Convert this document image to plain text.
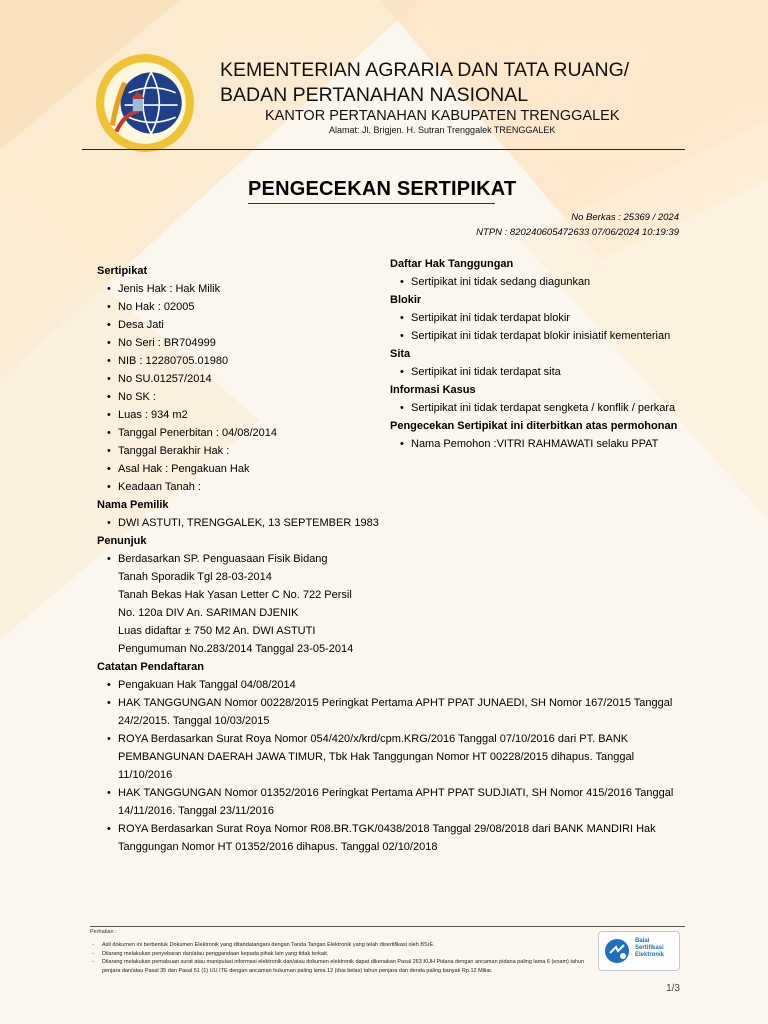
KEMENTERIAN AGRARIA DAN TATA RUANG/
BADAN PERTANAHAN NASIONAL
KANTOR PERTANAHAN KABUPATEN TRENGGALEK
Alamat: Jl. Brigjen. H. Sutran Trenggalek TRENGGALEK
PENGECEKAN SERTIPIKAT
No Berkas : 25369 / 2024
NTPN : 820240605472633 07/06/2024 10:19:39
Sertipikat
• Jenis Hak : Hak Milik
• No Hak : 02005
• Desa Jati
• No Seri : BR704999
• NIB : 12280705.01980
• No SU.01257/2014
• No SK :
• Luas : 934 m2
• Tanggal Penerbitan : 04/08/2014
• Tanggal Berakhir Hak :
• Asal Hak : Pengakuan Hak
• Keadaan Tanah :
Nama Pemilik
• DWI ASTUTI, TRENGGALEK, 13 SEPTEMBER 1983
Penunjuk
• Berdasarkan SP. Penguasaan Fisik Bidang
Tanah Sporadik Tgl 28-03-2014
Tanah Bekas Hak Yasan Letter C No. 722 Persil
No. 120a DIV An. SARIMAN DJENIK
Luas didaftar ± 750 M2 An. DWI ASTUTI
Pengumuman No.283/2014 Tanggal 23-05-2014
Daftar Hak Tanggungan
• Sertipikat ini tidak sedang diagunkan
Blokir
• Sertipikat ini tidak terdapat blokir
• Sertipikat ini tidak terdapat blokir inisiatif kementerian
Sita
• Sertipikat ini tidak terdapat sita
Informasi Kasus
• Sertipikat ini tidak terdapat sengketa / konflik / perkara
Pengecekan Sertipikat ini diterbitkan atas permohonan
• Nama Pemohon :VITRI RAHMAWATI selaku PPAT
Catatan Pendaftaran
• Pengakuan Hak Tanggal 04/08/2014
• HAK TANGGUNGAN Nomor 00228/2015 Peringkat Pertama APHT PPAT JUNAEDI, SH Nomor 167/2015 Tanggal 24/2/2015. Tanggal 10/03/2015
• ROYA Berdasarkan Surat Roya Nomor 054/420/x/krd/cpm.KRG/2016 Tanggal 07/10/2016 dari PT. BANK PEMBANGUNAN DAERAH JAWA TIMUR, Tbk Hak Tanggungan Nomor HT 00228/2015 dihapus. Tanggal 11/10/2016
• HAK TANGGUNGAN Nomor 01352/2016 Peringkat Pertama APHT PPAT SUDJIATI, SH Nomor 415/2016 Tanggal 14/11/2016. Tanggal 23/11/2016
• ROYA Berdasarkan Surat Roya Nomor R08.BR.TGK/0438/2018 Tanggal 29/08/2018 dari BANK MANDIRI Hak Tanggungan Nomor HT 01352/2016 dihapus. Tanggal 02/10/2018
Perhatian :
- Asli dokumen ini berbentuk Dokumen Elektronik yang ditandatangani dengan Tanda Tangan Elektronik yang telah disertifikasi oleh BSrE.
- Dilarang melakukan penyebaran dan/atau penggandaan kepada pihak lain yang tidak terkait.
- Dilarang melakukan pemalsuan surat atau manipulasi informasi elektronik dan/atau dokumen elektronik dapat dikenakan Pasal 263 KUH Pidana dengan ancaman pidana paling lama 6 (enam) tahun penjara dan/atau Pasal 35 dan Pasal 51 (1) UU ITE dengan ancaman hukuman paling lama 12 (dua belas) tahun penjara dan denda paling banyak Rp.12 Miliar.
Balai
Sertifikasi
Elektronik
1/3
